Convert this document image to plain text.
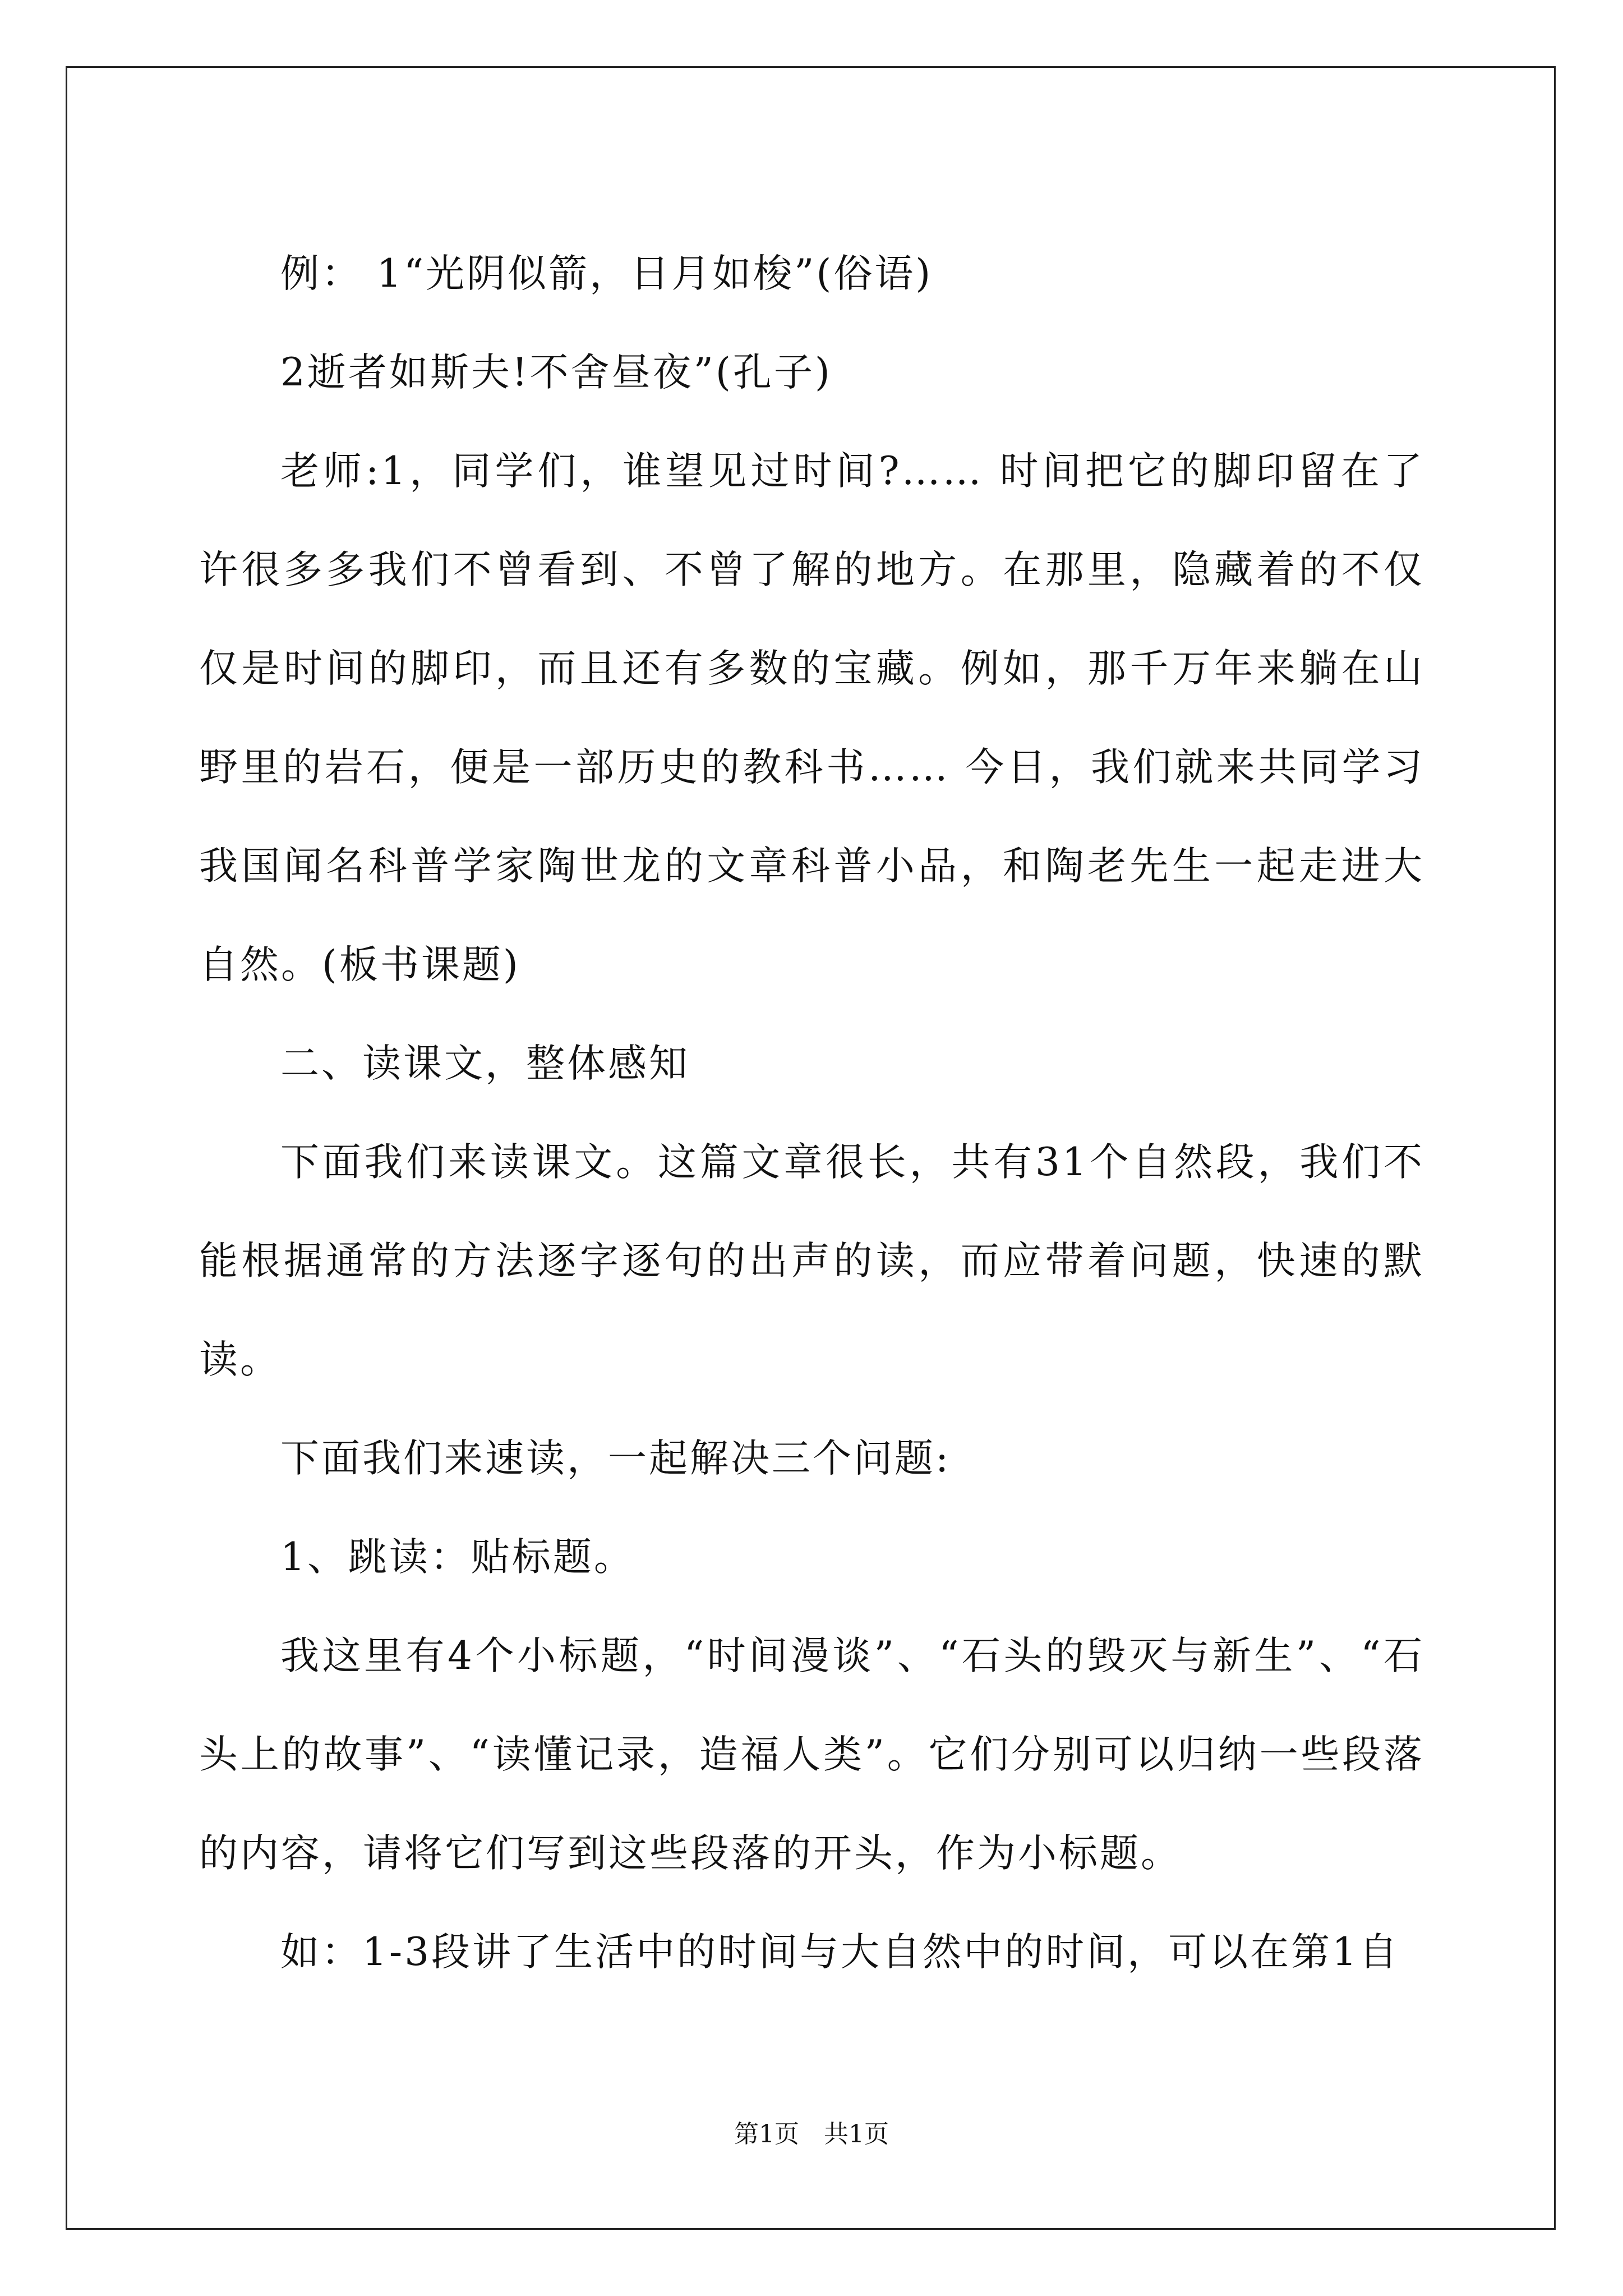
例： 1“光阴似箭，日月如梭”(俗语)

2逝者如斯夫!不舍昼夜”(孔子)

老师:1，同学们，谁望见过时间?…… 时间把它的脚印留在了许很多多我们不曾看到、不曾了解的地方。在那里，隐藏着的不仅仅是时间的脚印，而且还有多数的宝藏。例如，那千万年来躺在山野里的岩石，便是一部历史的教科书…… 今日，我们就来共同学习我国闻名科普学家陶世龙的文章科普小品，和陶老先生一起走进大自然。(板书课题)

二、读课文，整体感知

下面我们来读课文。这篇文章很长，共有31个自然段，我们不能根据通常的方法逐字逐句的出声的读，而应带着问题，快速的默读。

下面我们来速读，一起解决三个问题:

1、跳读：贴标题。

我这里有4个小标题，“时间漫谈”、“石头的毁灭与新生”、“石头上的故事”、“读懂记录，造福人类”。它们分别可以归纳一些段落的内容，请将它们写到这些段落的开头，作为小标题。

如：1-3段讲了生活中的时间与大自然中的时间，可以在第1自

第1页　共1页
